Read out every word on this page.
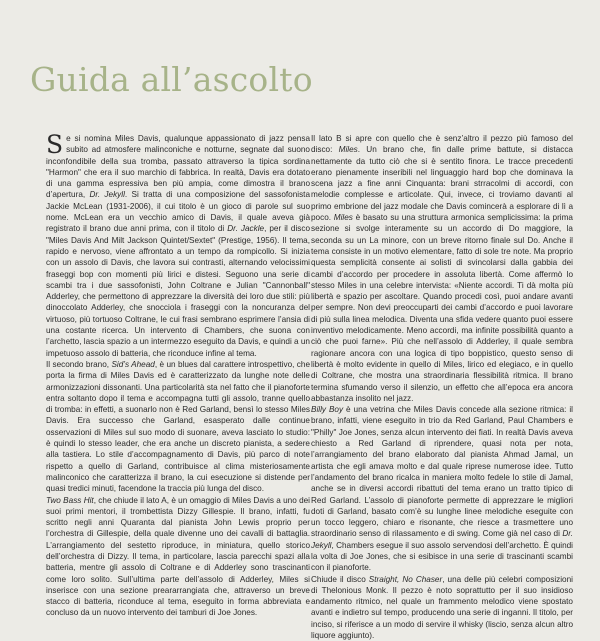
Guida all’ascolto

Se si nomina Miles Davis, qualunque appassionato di jazz pensa subito ad atmosfere malinconiche e notturne, segnate dal suono inconfondibile della sua tromba, passato attraverso la tipica sordina "Harmon" che era il suo marchio di fabbrica. In realtà, Davis era dotato di una gamma espressiva ben più ampia, come dimostra il brano d’apertura, Dr. Jekyll. Si tratta di una composizione del sassofonista Jackie McLean (1931-2006), il cui titolo è un gioco di parole sul suo nome. McLean era un vecchio amico di Davis, il quale aveva già registrato il brano due anni prima, con il titolo di Dr. Jackle, per il disco "Miles Davis And Milt Jackson Quintet/Sextet" (Prestige, 1956). Il tema, rapido e nervoso, viene affrontato a un tempo da rompicollo. Si inizia con un assolo di Davis, che lavora sui contrasti, alternando velocissimi fraseggi bop con momenti più lirici e distesi. Seguono una serie di scambi tra i due sassofonisti, John Coltrane e Julian "Cannonball" Adderley, che permettono di apprezzare la diversità dei loro due stili: più dinoccolato Adderley, che snocciola i fraseggi con la noncuranza del virtuoso, più tortuoso Coltrane, le cui frasi sembrano esprimere l’ansia di una costante ricerca. Un intervento di Chambers, che suona con l’archetto, lascia spazio a un intermezzo eseguito da Davis, e quindi a un impetuoso assolo di batteria, che riconduce infine al tema.

Il secondo brano, Sid’s Ahead, è un blues dal carattere introspettivo, che porta la firma di Miles Davis ed è caratterizzato da lunghe note delle armonizzazioni dissonanti. Una particolarità sta nel fatto che il pianoforte entra soltanto dopo il tema e accompagna tutti gli assolo, tranne quello di tromba: in effetti, a suonarlo non è Red Garland, bensì lo stesso Miles Davis. Era successo che Garland, esasperato dalle continue osservazioni di Miles sul suo modo di suonare, aveva lasciato lo studio: è quindi lo stesso leader, che era anche un discreto pianista, a sedere alla tastiera. Lo stile d’accompagnamento di Davis, più parco di note rispetto a quello di Garland, contribuisce al clima misteriosamente malinconico che caratterizza il brano, la cui esecuzione si distende per quasi tredici minuti, facendone la traccia più lunga del disco.

Two Bass Hit, che chiude il lato A, è un omaggio di Miles Davis a uno dei suoi primi mentori, il trombettista Dizzy Gillespie. Il brano, infatti, fu scritto negli anni Quaranta dal pianista John Lewis proprio per l’orchestra di Gillespie, della quale divenne uno dei cavalli di battaglia. L’arrangiamento del sestetto riproduce, in miniatura, quello storico dell’orchestra di Dizzy. Il tema, in particolare, lascia parecchi spazi alla batteria, mentre gli assolo di Coltrane e di Adderley sono trascinanti come loro solito. Sull’ultima parte dell’assolo di Adderley, Miles si inserisce con una sezione preararrangiata che, attraverso un breve stacco di batteria, riconduce al tema, eseguito in forma abbreviata e concluso da un nuovo intervento dei tamburi di Joe Jones.

Il lato B si apre con quello che è senz’altro il pezzo più famoso del disco: Miles. Un brano che, fin dalle prime battute, si distacca nettamente da tutto ciò che si è sentito finora. Le tracce precedenti erano pienamente inseribili nel linguaggio hard bop che dominava la scena jazz a fine anni Cinquanta: brani strracolmi di accordi, con melodie complesse e articolate. Qui, invece, ci troviamo davanti al primo embrione del jazz modale che Davis comincerà a esplorare di lì a poco. Miles è basato su una struttura armonica semplicissima: la prima sezione si svolge interamente su un accordo di Do maggiore, la seconda su un La minore, con un breve ritorno finale sul Do. Anche il tema consiste in un motivo elementare, fatto di sole tre note. Ma proprio questa semplicità consente ai solisti di svincolarsi dalla gabbia dei cambi d’accordo per procedere in assoluta libertà. Come affermò lo stesso Miles in una celebre intervista: «Niente accordi. Ti dà molta più libertà e spazio per ascoltare. Quando procedi così, puoi andare avanti per sempre. Non devi preoccuparti dei cambi d’accordo e puoi lavorare di più sulla linea melodica. Diventa una sfida vedere quanto puoi essere inventivo melodicamente. Meno accordi, ma infinite possibilità quanto a ciò che puoi farne». Più che nell’assolo di Adderley, il quale sembra ragionare ancora con una logica di tipo boppistico, questo senso di libertà è molto evidente in quello di Miles, lirico ed elegiaco, e in quello di Coltrane, che mostra una straordinaria flessibilità ritmica. Il brano termina sfumando verso il silenzio, un effetto che all’epoca era ancora abbastanza insolito nel jazz.

Billy Boy è una vetrina che Miles Davis concede alla sezione ritmica: il brano, infatti, viene eseguito in trio da Red Garland, Paul Chambers e "Philly" Joe Jones, senza alcun intervento dei fiati. In realtà Davis aveva chiesto a Red Garland di riprendere, quasi nota per nota, l’arrangiamento del brano elaborato dal pianista Ahmad Jamal, un artista che egli amava molto e dal quale riprese numerose idee. Tutto l’andamento del brano ricalca in maniera molto fedele lo stile di Jamal, anche se in diversi accordi ribattuti del tema erano un tratto tipico di Red Garland. L’assolo di pianoforte permette di apprezzare le migliori doti di Garland, basato com’è su lunghe linee melodiche eseguite con un tocco leggero, chiaro e risonante, che riesce a trasmettere uno straordinario senso di rilassamento e di swing. Come già nel caso di Dr. Jekyll, Chambers esegue il suo assolo servendosi dell’archetto. È quindi la volta di Joe Jones, che si esibisce in una serie di trascinanti scambi con il pianoforte.

Chiude il disco Straight, No Chaser, una delle più celebri composizioni di Thelonious Monk. Il pezzo è noto soprattutto per il suo insidioso andamento ritmico, nel quale un frammento melodico viene spostato avanti e indietro sul tempo, producendo una serie di inganni. Il titolo, per inciso, si riferisce a un modo di servire il whisky (liscio, senza alcun altro liquore aggiunto).
